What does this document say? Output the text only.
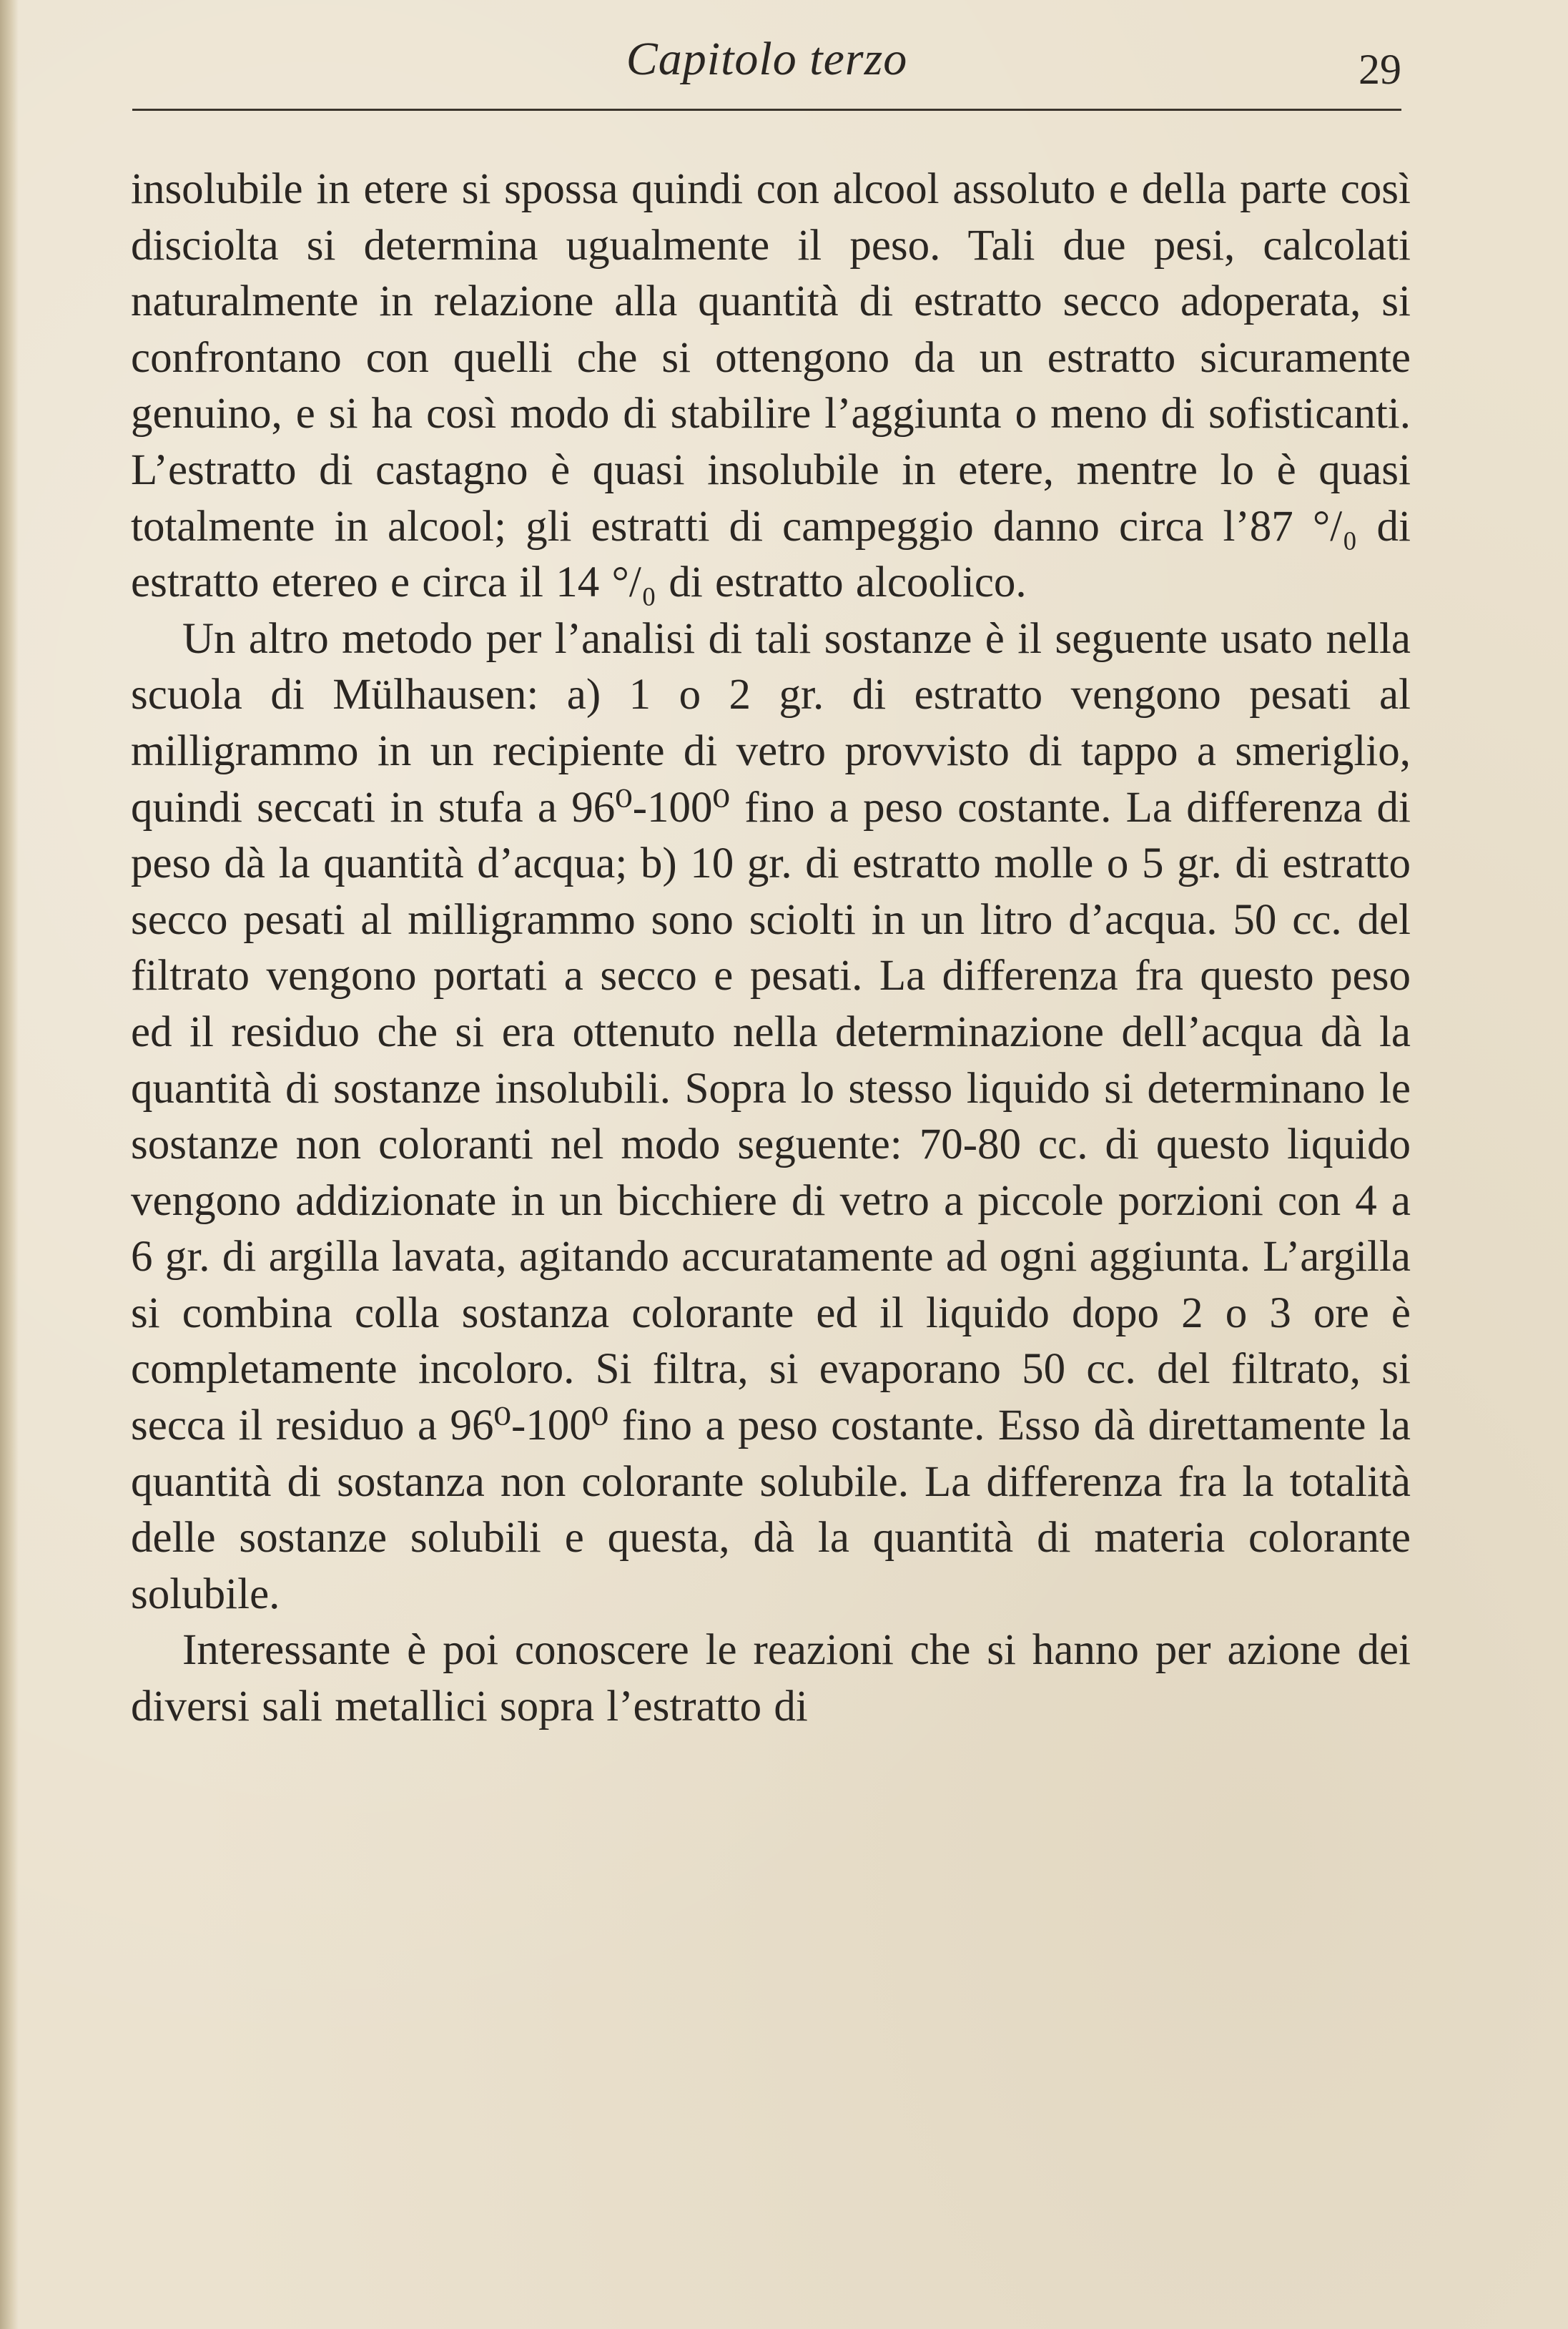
Capitolo terzo	29

insolubile in etere si spossa quindi con alcool assoluto e della parte così disciolta si determina ugualmente il peso. Tali due pesi, calcolati naturalmente in relazione alla quantità di estratto secco adoperata, si confrontano con quelli che si ottengono da un estratto sicuramente genuino, e si ha così modo di stabilire l’aggiunta o meno di sofisticanti. L’estratto di castagno è quasi insolubile in etere, mentre lo è quasi totalmente in alcool; gli estratti di campeggio danno circa l’87 °/₀ di estratto etereo e circa il 14 °/₀ di estratto alcoolico.

Un altro metodo per l’analisi di tali sostanze è il seguente usato nella scuola di Mülhausen: a) 1 o 2 gr. di estratto vengono pesati al milligrammo in un recipiente di vetro provvisto di tappo a smeriglio, quindi seccati in stufa a 96⁰-100⁰ fino a peso costante. La differenza di peso dà la quantità d’acqua; b) 10 gr. di estratto molle o 5 gr. di estratto secco pesati al milligrammo sono sciolti in un litro d’acqua. 50 cc. del filtrato vengono portati a secco e pesati. La differenza fra questo peso ed il residuo che si era ottenuto nella determinazione dell’acqua dà la quantità di sostanze insolubili. Sopra lo stesso liquido si determinano le sostanze non coloranti nel modo seguente: 70-80 cc. di questo liquido vengono addizionate in un bicchiere di vetro a piccole porzioni con 4 a 6 gr. di argilla lavata, agitando accuratamente ad ogni aggiunta. L’argilla si combina colla sostanza colorante ed il liquido dopo 2 o 3 ore è completamente incoloro. Si filtra, si evaporano 50 cc. del filtrato, si secca il residuo a 96⁰-100⁰ fino a peso costante. Esso dà direttamente la quantità di sostanza non colorante solubile. La differenza fra la totalità delle sostanze solubili e questa, dà la quantità di materia colorante solubile.

Interessante è poi conoscere le reazioni che si hanno per azione dei diversi sali metallici sopra l’estratto di
